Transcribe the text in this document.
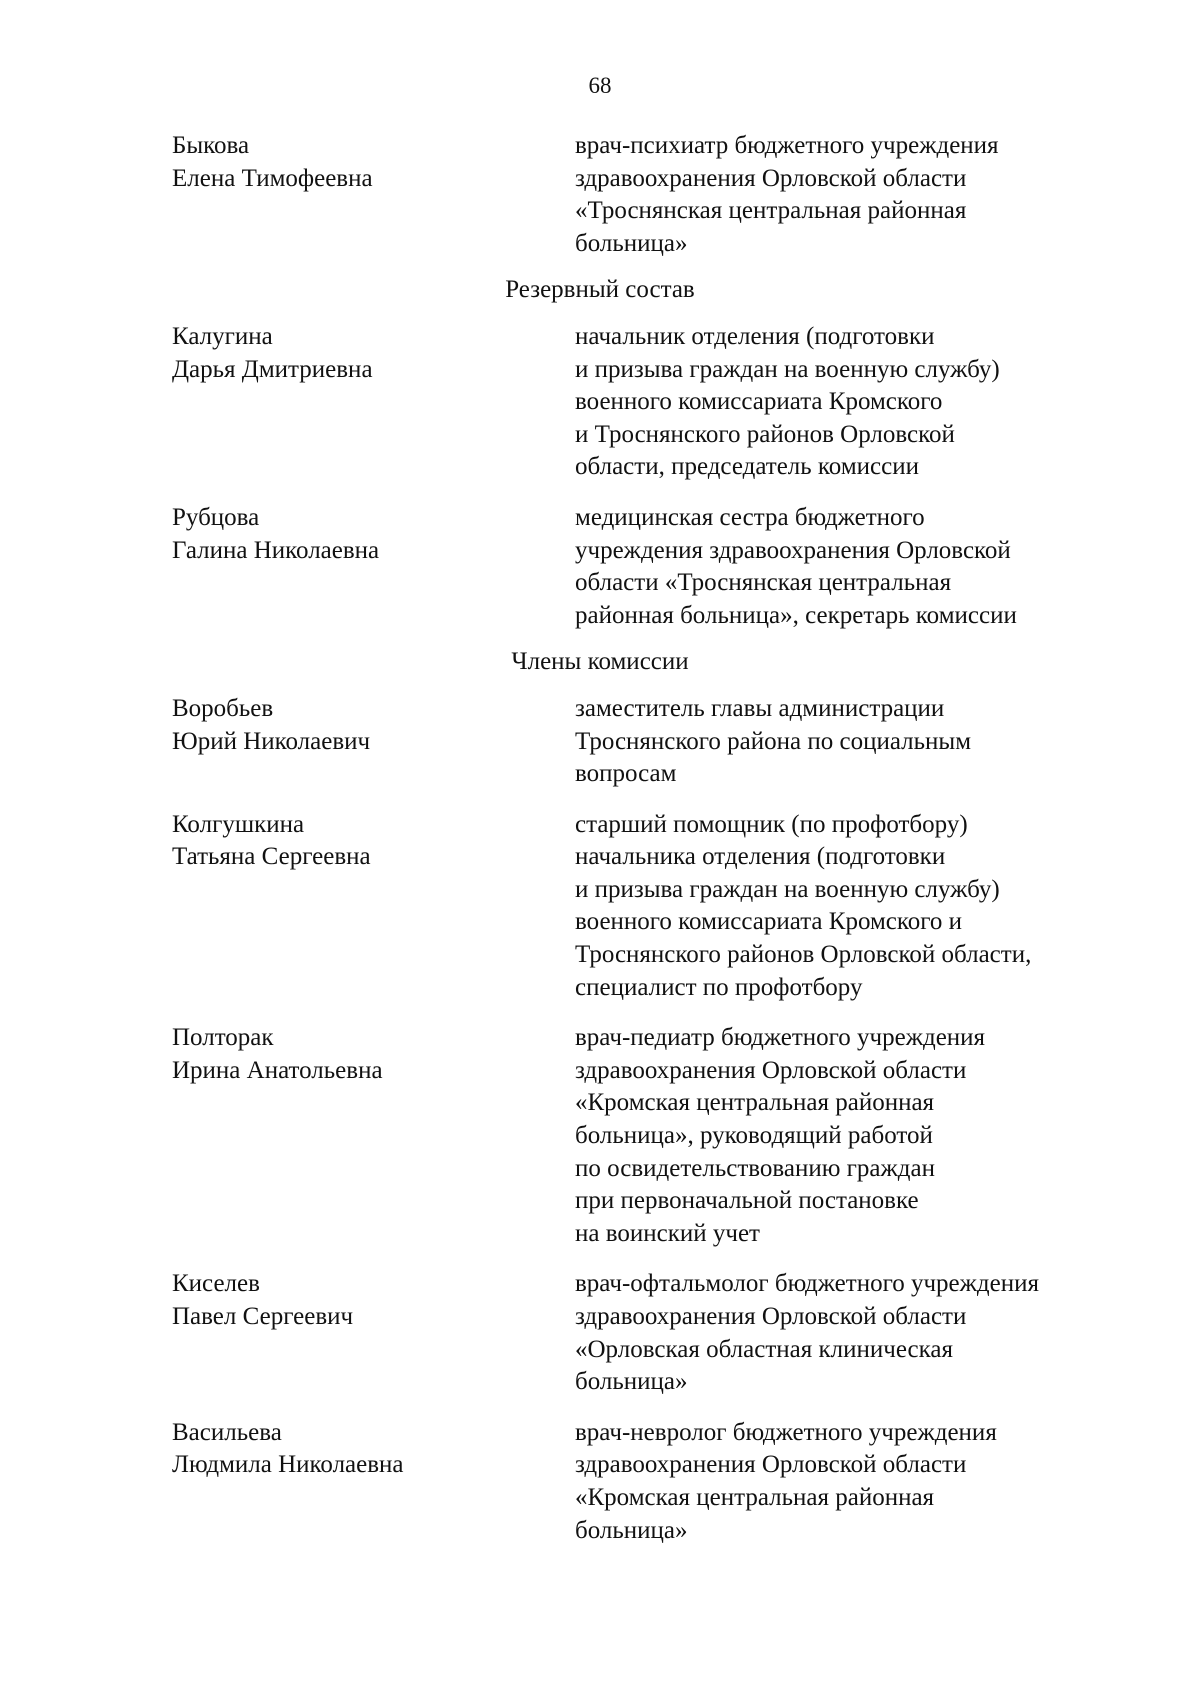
68
Быкова
Елена Тимофеевна
врач-психиатр бюджетного учреждения
здравоохранения Орловской области
«Троснянская центральная районная
больница»
Резервный состав
Калугина
Дарья Дмитриевна
начальник отделения (подготовки
и призыва граждан на военную службу)
военного комиссариата Кромского
и Троснянского районов Орловской
области, председатель комиссии
Рубцова
Галина Николаевна
медицинская сестра бюджетного
учреждения здравоохранения Орловской
области «Троснянская центральная
районная больница», секретарь комиссии
Члены комиссии
Воробьев
Юрий Николаевич
заместитель главы администрации
Троснянского района по социальным
вопросам
Колгушкина
Татьяна Сергеевна
старший помощник (по профотбору)
начальника отделения (подготовки
и призыва граждан на военную службу)
военного комиссариата Кромского и
Троснянского районов Орловской области,
специалист по профотбору
Полторак
Ирина Анатольевна
врач-педиатр бюджетного учреждения
здравоохранения Орловской области
«Кромская центральная районная
больница», руководящий работой
по освидетельствованию граждан
при первоначальной постановке
на воинский учет
Киселев
Павел Сергеевич
врач-офтальмолог бюджетного учреждения
здравоохранения Орловской области
«Орловская областная клиническая
больница»
Васильева
Людмила Николаевна
врач-невролог бюджетного учреждения
здравоохранения Орловской области
«Кромская центральная районная
больница»
